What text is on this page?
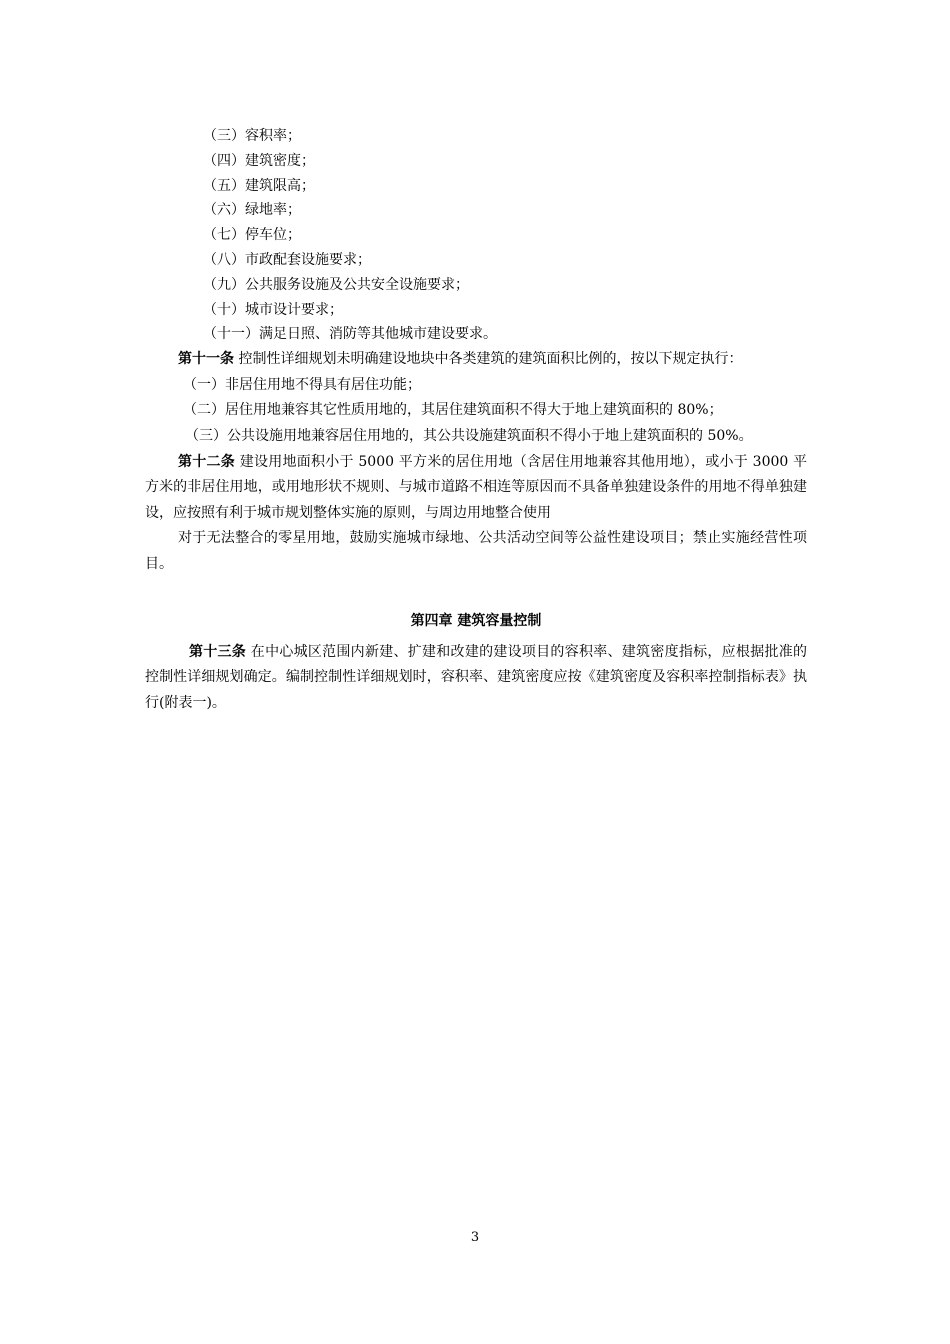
（三）容积率；
（四）建筑密度；
（五）建筑限高；
（六）绿地率；
（七）停车位；
（八）市政配套设施要求；
（九）公共服务设施及公共安全设施要求；
（十）城市设计要求；
（十一）满足日照、消防等其他城市建设要求。

第十一条 控制性详细规划未明确建设地块中各类建筑的建筑面积比例的，按以下规定执行：

（一）非居住用地不得具有居住功能；

（二）居住用地兼容其它性质用地的，其居住建筑面积不得大于地上建筑面积的 80%；

（三）公共设施用地兼容居住用地的，其公共设施建筑面积不得小于地上建筑面积的 50%。

第十二条 建设用地面积小于 5000 平方米的居住用地（含居住用地兼容其他用地），或小于 3000 平方米的非居住用地，或用地形状不规则、与城市道路不相连等原因而不具备单独建设条件的用地不得单独建设，应按照有利于城市规划整体实施的原则，与周边用地整合使用

对于无法整合的零星用地，鼓励实施城市绿地、公共活动空间等公益性建设项目；禁止实施经营性项目。

第四章 建筑容量控制

第十三条 在中心城区范围内新建、扩建和改建的建设项目的容积率、建筑密度指标，应根据批准的控制性详细规划确定。编制控制性详细规划时，容积率、建筑密度应按《建筑密度及容积率控制指标表》执行(附表一)。

3
